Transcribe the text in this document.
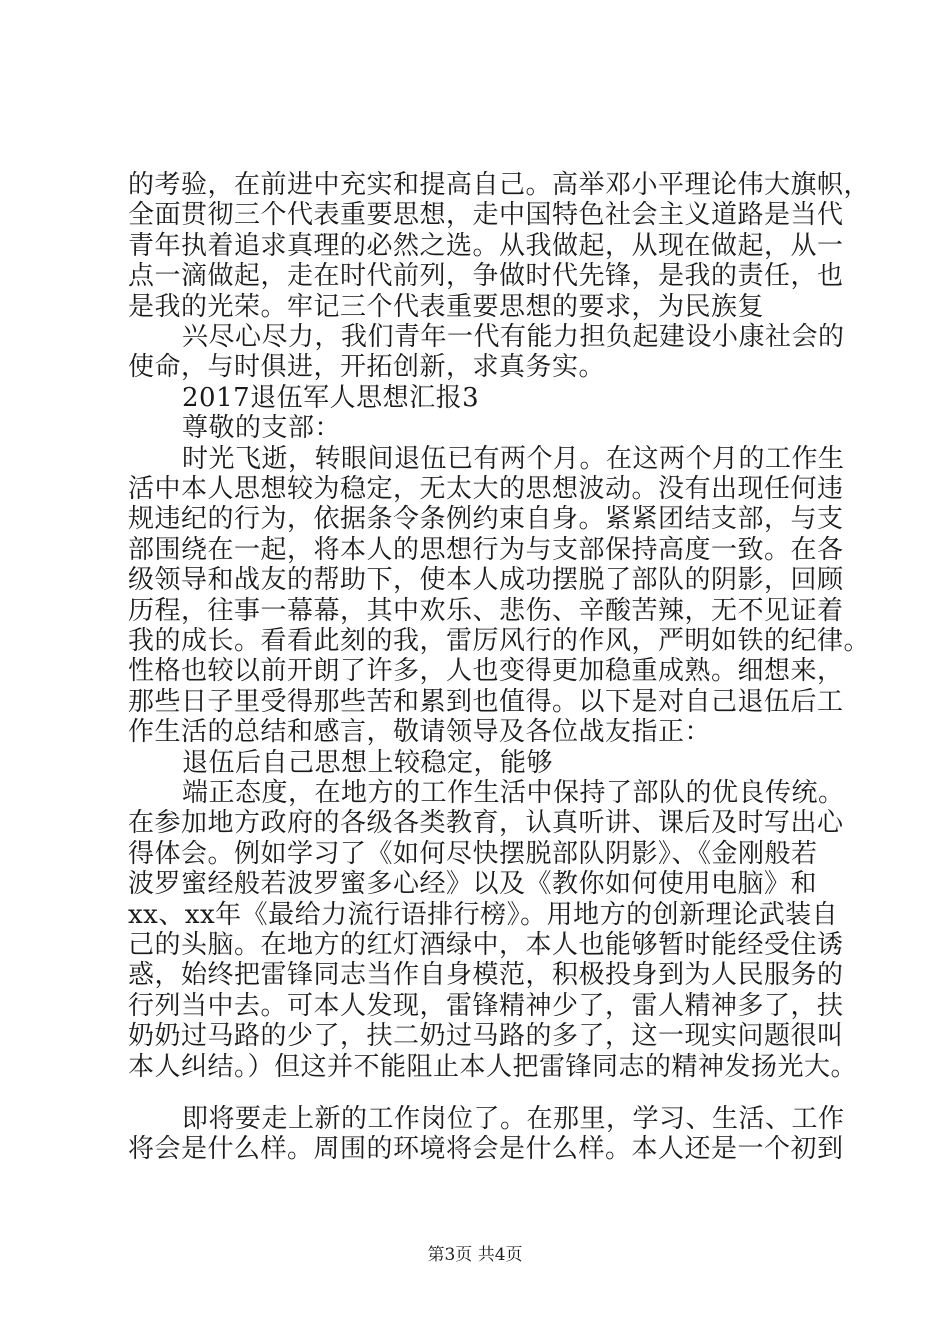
的考验，在前进中充实和提高自己。高举邓小平理论伟大旗帜，
全面贯彻三个代表重要思想，走中国特色社会主义道路是当代
青年执着追求真理的必然之选。从我做起，从现在做起，从一
点一滴做起，走在时代前列，争做时代先锋，是我的责任，也
是我的光荣。牢记三个代表重要思想的要求，为民族复
兴尽心尽力，我们青年一代有能力担负起建设小康社会的
使命，与时俱进，开拓创新，求真务实。
2017退伍军人思想汇报3
尊敬的支部：
时光飞逝，转眼间退伍已有两个月。在这两个月的工作生
活中本人思想较为稳定，无太大的思想波动。没有出现任何违
规违纪的行为，依据条令条例约束自身。紧紧团结支部，与支
部围绕在一起，将本人的思想行为与支部保持高度一致。在各
级领导和战友的帮助下，使本人成功摆脱了部队的阴影，回顾
历程，往事一幕幕，其中欢乐、悲伤、辛酸苦辣，无不见证着
我的成长。看看此刻的我，雷厉风行的作风，严明如铁的纪律。
性格也较以前开朗了许多，人也变得更加稳重成熟。细想来，
那些日子里受得那些苦和累到也值得。以下是对自己退伍后工
作生活的总结和感言，敬请领导及各位战友指正：
退伍后自己思想上较稳定，能够
端正态度，在地方的工作生活中保持了部队的优良传统。
在参加地方政府的各级各类教育，认真听讲、课后及时写出心
得体会。例如学习了《如何尽快摆脱部队阴影》、《金刚般若
波罗蜜经般若波罗蜜多心经》以及《教你如何使用电脑》和
xx、xx年《最给力流行语排行榜》。用地方的创新理论武装自
己的头脑。在地方的红灯酒绿中，本人也能够暂时能经受住诱
惑，始终把雷锋同志当作自身模范，积极投身到为人民服务的
行列当中去。可本人发现，雷锋精神少了，雷人精神多了，扶
奶奶过马路的少了，扶二奶过马路的多了，这一现实问题很叫
本人纠结。）但这并不能阻止本人把雷锋同志的精神发扬光大。
即将要走上新的工作岗位了。在那里，学习、生活、工作
将会是什么样。周围的环境将会是什么样。本人还是一个初到
第3页 共4页
